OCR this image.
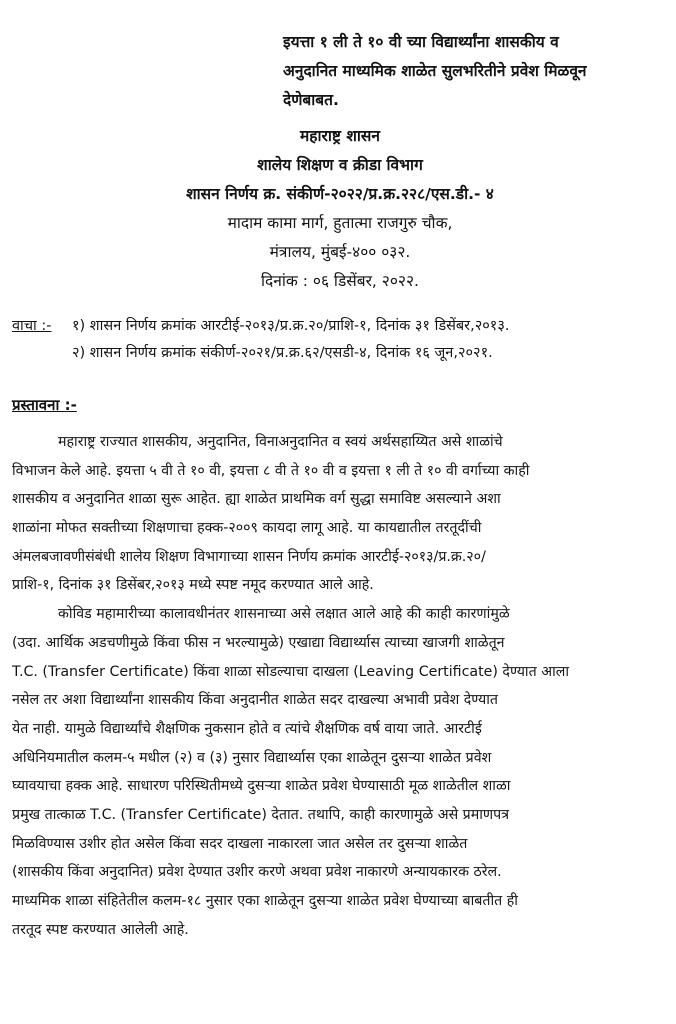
इयत्ता १ ली ते १० वी च्या विद्यार्थ्यांना शासकीय व
अनुदानित माध्यमिक शाळेत सुलभरितीने प्रवेश मिळवून
देणेबाबत.
महाराष्ट्र शासन
शालेय शिक्षण व क्रीडा विभाग
शासन निर्णय क्र. संकीर्ण-२०२२/प्र.क्र.२२८/एस.डी.- ४
मादाम कामा मार्ग, हुतात्मा राजगुरु चौक,
मंत्रालय, मुंबई-४०० ०३२.
दिनांक : ०६ डिसेंबर, २०२२.
वाचा :- १) शासन निर्णय क्रमांक आरटीई-२०१३/प्र.क्र.२०/प्राशि-१, दिनांक ३१ डिसेंबर,२०१३.
२) शासन निर्णय क्रमांक संकीर्ण-२०२१/प्र.क्र.६२/एसडी-४, दिनांक १६ जून,२०२१.
प्रस्तावना :-
महाराष्ट्र राज्यात शासकीय, अनुदानित, विनाअनुदानित व स्वयं अर्थसहाय्यित असे शाळांचे
विभाजन केले आहे. इयत्ता ५ वी ते १० वी, इयत्ता ८ वी ते १० वी व इयत्ता १ ली ते १० वी वर्गाच्या काही
शासकीय व अनुदानित शाळा सुरू आहेत. ह्या शाळेत प्राथमिक वर्ग सुद्धा समाविष्ट असल्याने अशा
शाळांना मोफत सक्तीच्या शिक्षणाचा हक्क-२००९ कायदा लागू आहे. या कायद्यातील तरतूदींची
अंमलबजावणीसंबंधी शालेय शिक्षण विभागाच्या शासन निर्णय क्रमांक आरटीई-२०१३/प्र.क्र.२०/
प्राशि-१, दिनांक ३१ डिसेंबर,२०१३ मध्ये स्पष्ट नमूद करण्यात आले आहे.
कोविड महामारीच्या कालावधीनंतर शासनाच्या असे लक्षात आले आहे की काही कारणांमुळे
(उदा. आर्थिक अडचणीमुळे किंवा फीस न भरल्यामुळे) एखाद्या विद्यार्थ्यास त्याच्या खाजगी शाळेतून
T.C. (Transfer Certificate) किंवा शाळा सोडल्याचा दाखला (Leaving Certificate) देण्यात आला
नसेल तर अशा विद्यार्थ्यांना शासकीय किंवा अनुदानीत शाळेत सदर दाखल्या अभावी प्रवेश देण्यात
येत नाही. यामुळे विद्यार्थ्यांचे शैक्षणिक नुकसान होते व त्यांचे शैक्षणिक वर्ष वाया जाते. आरटीई
अधिनियमातील कलम-५ मधील (२) व (३) नुसार विद्यार्थ्यास एका शाळेतून दुसऱ्या शाळेत प्रवेश
घ्यावयाचा हक्क आहे. साधारण परिस्थितीमध्ये दुसऱ्या शाळेत प्रवेश घेण्यासाठी मूळ शाळेतील शाळा
प्रमुख तात्काळ T.C. (Transfer Certificate) देतात. तथापि, काही कारणामुळे असे प्रमाणपत्र
मिळविण्यास उशीर होत असेल किंवा सदर दाखला नाकारला जात असेल तर दुसऱ्या शाळेत
(शासकीय किंवा अनुदानित) प्रवेश देण्यात उशीर करणे अथवा प्रवेश नाकारणे अन्यायकारक ठरेल.
माध्यमिक शाळा संहितेतील कलम-१८ नुसार एका शाळेतून दुसऱ्या शाळेत प्रवेश घेण्याच्या बाबतीत ही
तरतूद स्पष्ट करण्यात आलेली आहे.
